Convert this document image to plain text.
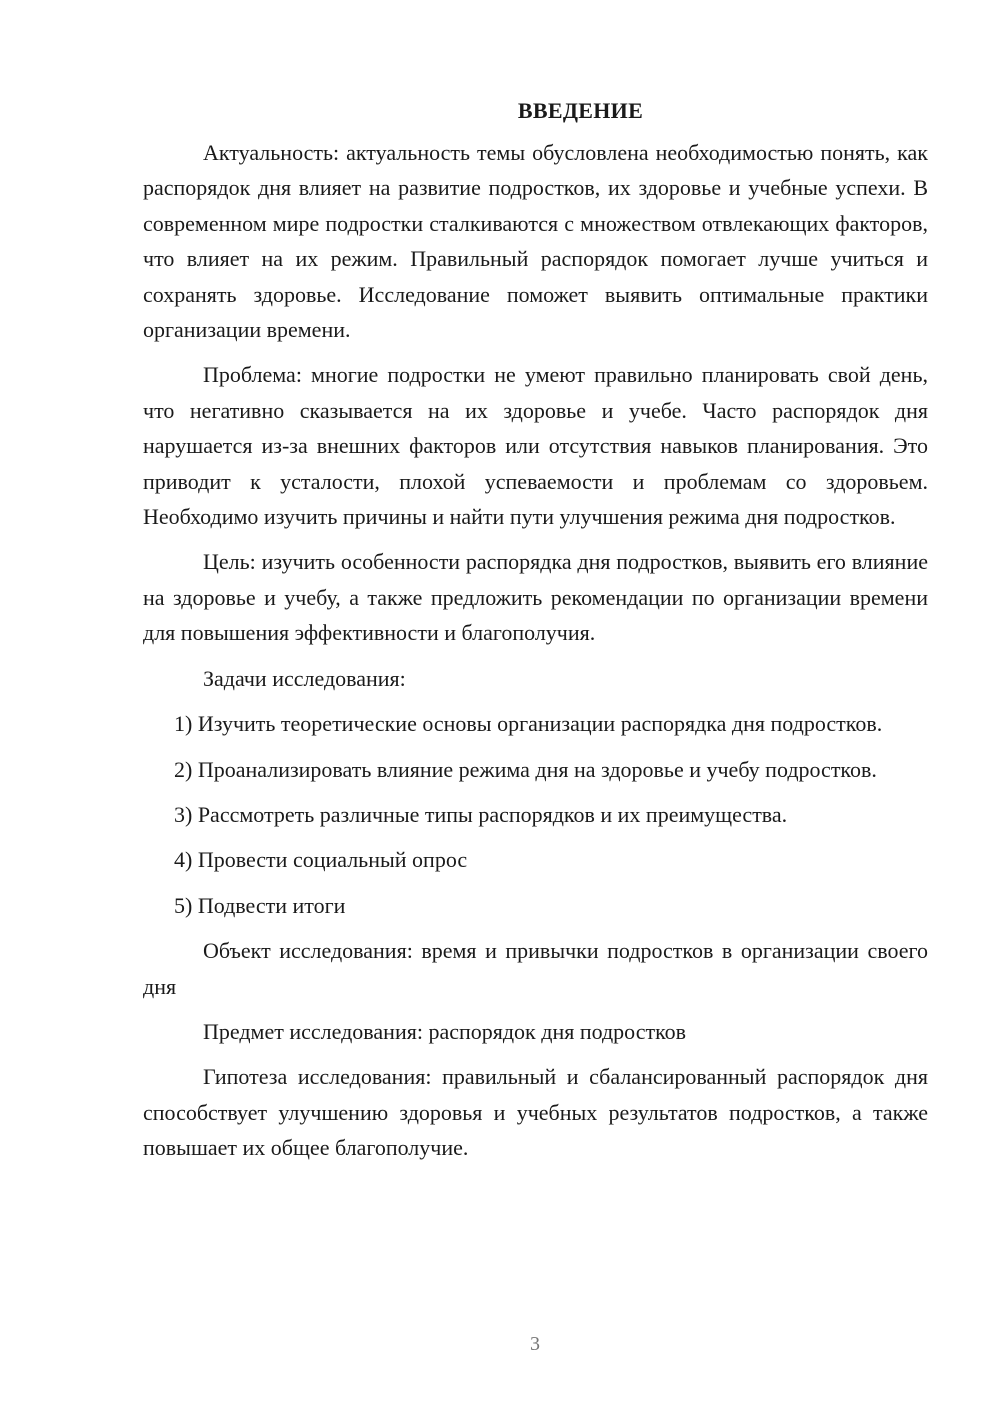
ВВЕДЕНИЕ

Актуальность: актуальность темы обусловлена необходимостью понять, как распорядок дня влияет на развитие подростков, их здоровье и учебные успехи. В современном мире подростки сталкиваются с множеством отвлекающих факторов, что влияет на их режим. Правильный распорядок помогает лучше учиться и сохранять здоровье. Исследование поможет выявить оптимальные практики организации времени.

Проблема: многие подростки не умеют правильно планировать свой день, что негативно сказывается на их здоровье и учебе. Часто распорядок дня нарушается из-за внешних факторов или отсутствия навыков планирования. Это приводит к усталости, плохой успеваемости и проблемам со здоровьем. Необходимо изучить причины и найти пути улучшения режима дня подростков.

Цель: изучить особенности распорядка дня подростков, выявить его влияние на здоровье и учебу, а также предложить рекомендации по организации времени для повышения эффективности и благополучия.

Задачи исследования:

1) Изучить теоретические основы организации распорядка дня подростков.

2) Проанализировать влияние режима дня на здоровье и учебу подростков.

3) Рассмотреть различные типы распорядков и их преимущества.

4) Провести социальный опрос

5) Подвести итоги

Объект исследования: время и привычки подростков в организации своего дня

Предмет исследования: распорядок дня подростков

Гипотеза исследования: правильный и сбалансированный распорядок дня способствует улучшению здоровья и учебных результатов подростков, а также повышает их общее благополучие.

3
